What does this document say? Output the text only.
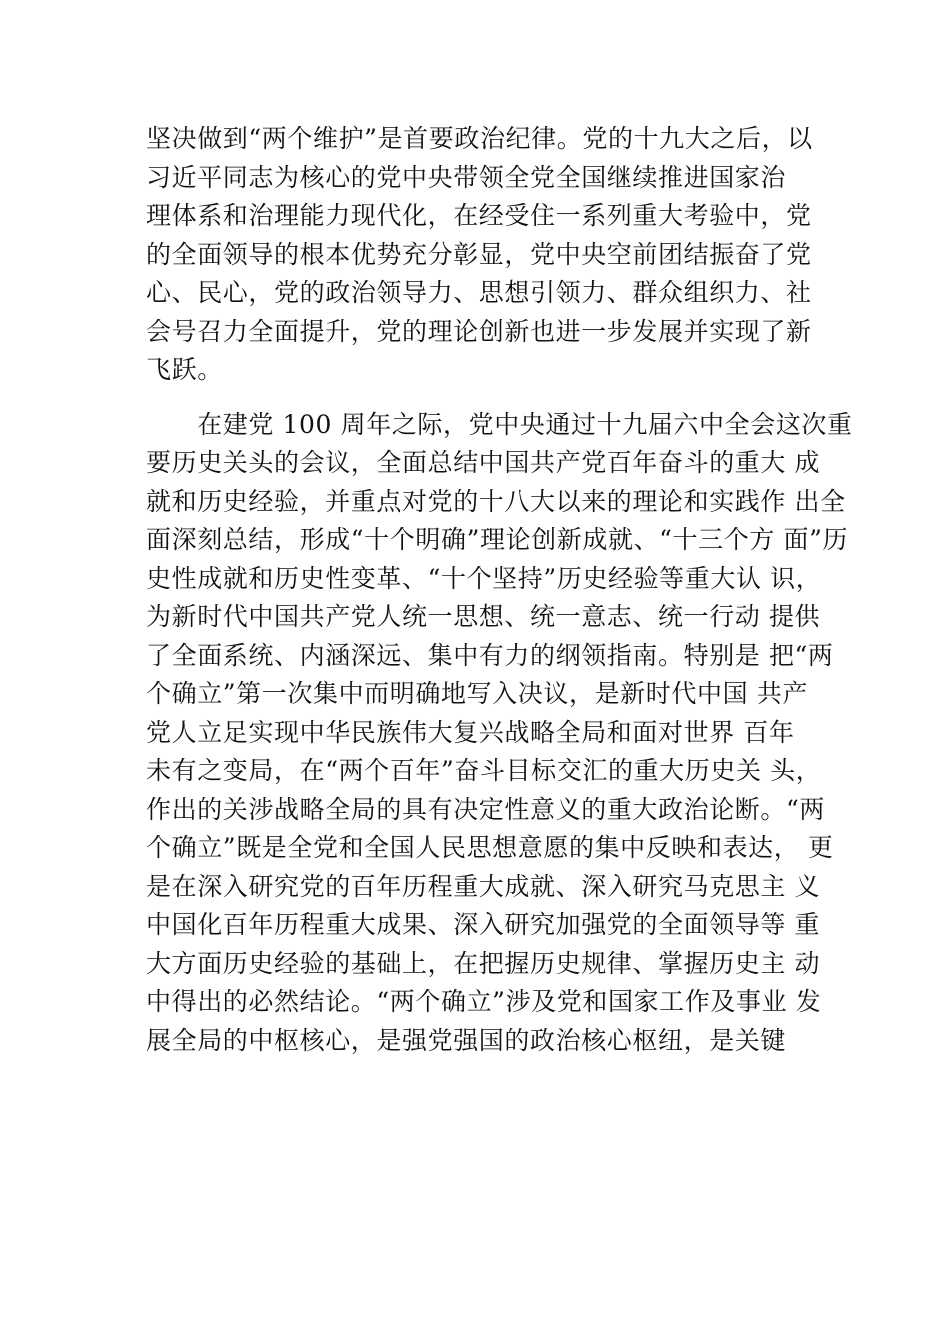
坚决做到“两个维护”是首要政治纪律。党的十九大之后，以
习近平同志为核心的党中央带领全党全国继续推进国家治
理体系和治理能力现代化，在经受住一系列重大考验中，党
的全面领导的根本优势充分彰显，党中央空前团结振奋了党
心、民心，党的政治领导力、思想引领力、群众组织力、社
会号召力全面提升，党的理论创新也进一步发展并实现了新
飞跃。
　　在建党 100 周年之际，党中央通过十九届六中全会这次重
要历史关头的会议，全面总结中国共产党百年奋斗的重大 成
就和历史经验，并重点对党的十八大以来的理论和实践作 出全
面深刻总结，形成“十个明确”理论创新成就、“十三个方 面”历
史性成就和历史性变革、“十个坚持”历史经验等重大认 识，
为新时代中国共产党人统一思想、统一意志、统一行动 提供
了全面系统、内涵深远、集中有力的纲领指南。特别是 把“两
个确立”第一次集中而明确地写入决议，是新时代中国 共产
党人立足实现中华民族伟大复兴战略全局和面对世界 百年
未有之变局，在“两个百年”奋斗目标交汇的重大历史关 头，
作出的关涉战略全局的具有决定性意义的重大政治论断。“两
个确立”既是全党和全国人民思想意愿的集中反映和表达， 更
是在深入研究党的百年历程重大成就、深入研究马克思主 义
中国化百年历程重大成果、深入研究加强党的全面领导等 重
大方面历史经验的基础上，在把握历史规律、掌握历史主 动
中得出的必然结论。“两个确立”涉及党和国家工作及事业 发
展全局的中枢核心，是强党强国的政治核心枢纽，是关键
